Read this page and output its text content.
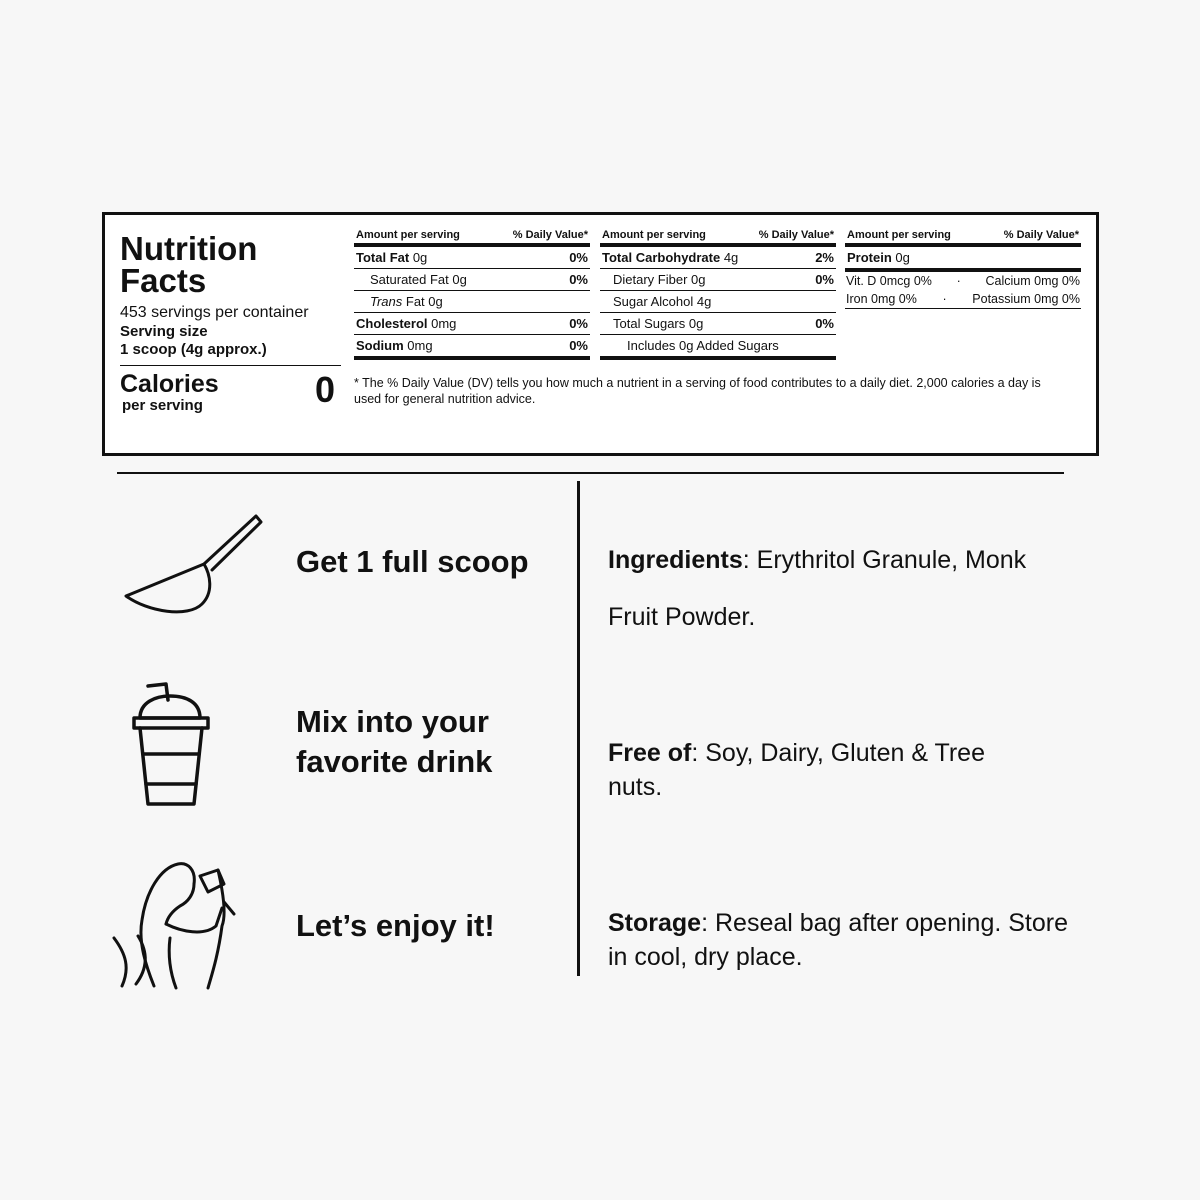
Nutrition Facts
453 servings per container
Serving size
1 scoop (4g approx.)
Calories
per serving	0
Amount per serving	% Daily Value*
Total Fat 0g	0%
Saturated Fat 0g	0%
Trans Fat 0g
Cholesterol 0mg	0%
Sodium 0mg	0%
Amount per serving	% Daily Value*
Total Carbohydrate 4g	2%
Dietary Fiber 0g	0%
Sugar Alcohol 4g
Total Sugars 0g	0%
Includes 0g Added Sugars
Amount per serving	% Daily Value*
Protein 0g
Vit. D 0mcg 0%	·	Calcium 0mg 0%
Iron 0mg 0%	·	Potassium 0mg 0%
* The % Daily Value (DV) tells you how much a nutrient in a serving of food contributes to a daily diet. 2,000 calories a day is used for general nutrition advice.
Get 1 full scoop
Mix into your favorite drink
Let’s enjoy it!
Ingredients: Erythritol Granule, Monk
Fruit Powder.
Free of: Soy, Dairy, Gluten & Tree nuts.
Storage: Reseal bag after opening. Store in cool, dry place.
